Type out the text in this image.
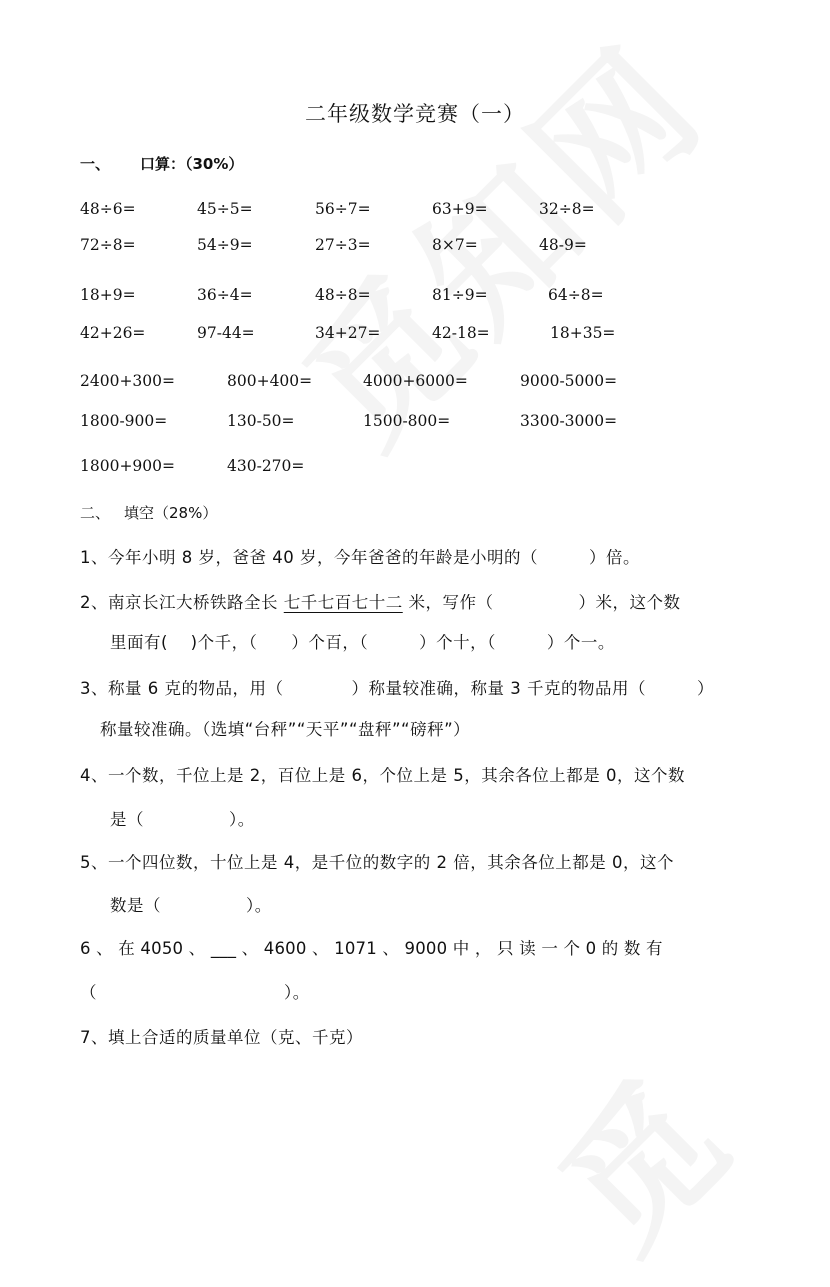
二年级数学竞赛（一）
一、 口算：（30%）
48÷6=	45÷5=	56÷7=	63+9=	32÷8=
72÷8=	54÷9=	27÷3=	8×7=	48-9=
18+9=	36÷4=	48÷8=	81÷9=	64÷8=
42+26=	97-44=	34+27=	42-18=	18+35=
2400+300=	800+400=	4000+6000=	9000-5000=
1800-900=	130-50=	1500-800=	3300-3000=
1800+900=	430-270=
二、 填空（28%）
1、今年小明 8 岁，爸爸 40 岁，今年爸爸的年龄是小明的（　　　）倍。
2、南京长江大桥铁路全长 七千七百七十二 米，写作（　　　　　）米，这个数
里面有(　 )个千，（　　）个百，（　　　）个十，（　　　）个一。
3、称量 6 克的物品，用（　　　　）称量较准确，称量 3 千克的物品用（　　　）
称量较准确。（选填“台秤”“天平”“盘秤”“磅秤”）
4、一个数，千位上是 2，百位上是 6，个位上是 5，其余各位上都是 0，这个数
是（　　　　　）。
5、一个四位数，十位上是 4，是千位的数字的 2 倍，其余各位上都是 0，这个
数是（　　　　　）。
6 、 在 4050 、 ___ 、 4600 、 1071 、 9000 中 ， 只 读 一 个 0 的 数 有
（　　　　　　　　　　　）。
7、填上合适的质量单位（克、千克）
